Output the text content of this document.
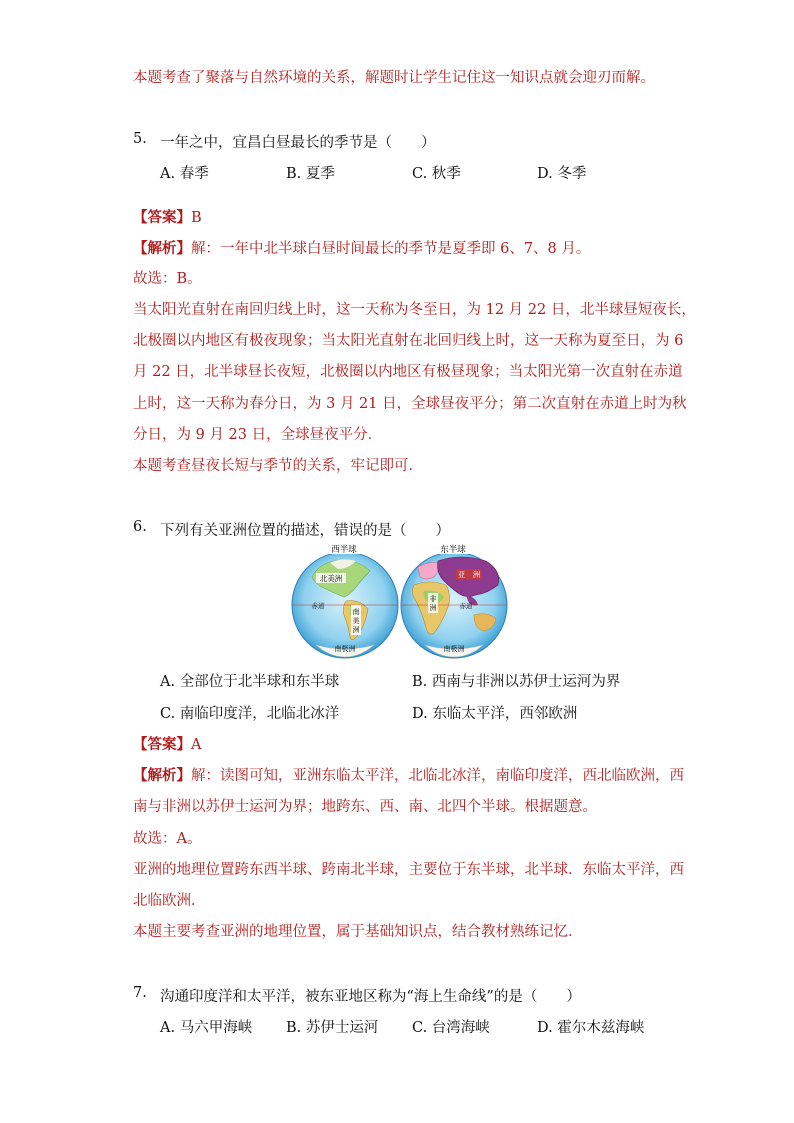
本题考查了聚落与自然环境的关系，解题时让学生记住这一知识点就会迎刃而解。
5. 一年之中，宜昌白昼最长的季节是（　　）
A. 春季	B. 夏季	C. 秋季	D. 冬季
【答案】B
【解析】解：一年中北半球白昼时间最长的季节是夏季即 6、7、8 月。
故选：B。
当太阳光直射在南回归线上时，这一天称为冬至日，为 12 月 22 日，北半球昼短夜长，
北极圈以内地区有极夜现象；当太阳光直射在北回归线上时，这一天称为夏至日，为 6
月 22 日，北半球昼长夜短，北极圈以内地区有极昼现象；当太阳光第一次直射在赤道
上时，这一天称为春分日，为 3 月 21 日，全球昼夜平分；第二次直射在赤道上时为秋
分日，为 9 月 23 日，全球昼夜平分．
本题考查昼夜长短与季节的关系，牢记即可．
6. 下列有关亚洲位置的描述，错误的是（　　）
西半球
北美洲
赤道
南美洲
南极洲
东半球
亚　洲
非洲	赤道
南极洲
A. 全部位于北半球和东半球	B. 西南与非洲以苏伊士运河为界
C. 南临印度洋，北临北冰洋	D. 东临太平洋，西邻欧洲
【答案】A
【解析】解：读图可知，亚洲东临太平洋，北临北冰洋，南临印度洋，西北临欧洲，西
南与非洲以苏伊士运河为界；地跨东、西、南、北四个半球。根据题意。
故选：A。
亚洲的地理位置跨东西半球、跨南北半球，主要位于东半球，北半球．东临太平洋，西
北临欧洲．
本题主要考查亚洲的地理位置，属于基础知识点，结合教材熟练记忆．
7. 沟通印度洋和太平洋，被东亚地区称为“海上生命线”的是（　　）
A. 马六甲海峡 B. 苏伊士运河 C. 台湾海峡	D. 霍尔木兹海峡
